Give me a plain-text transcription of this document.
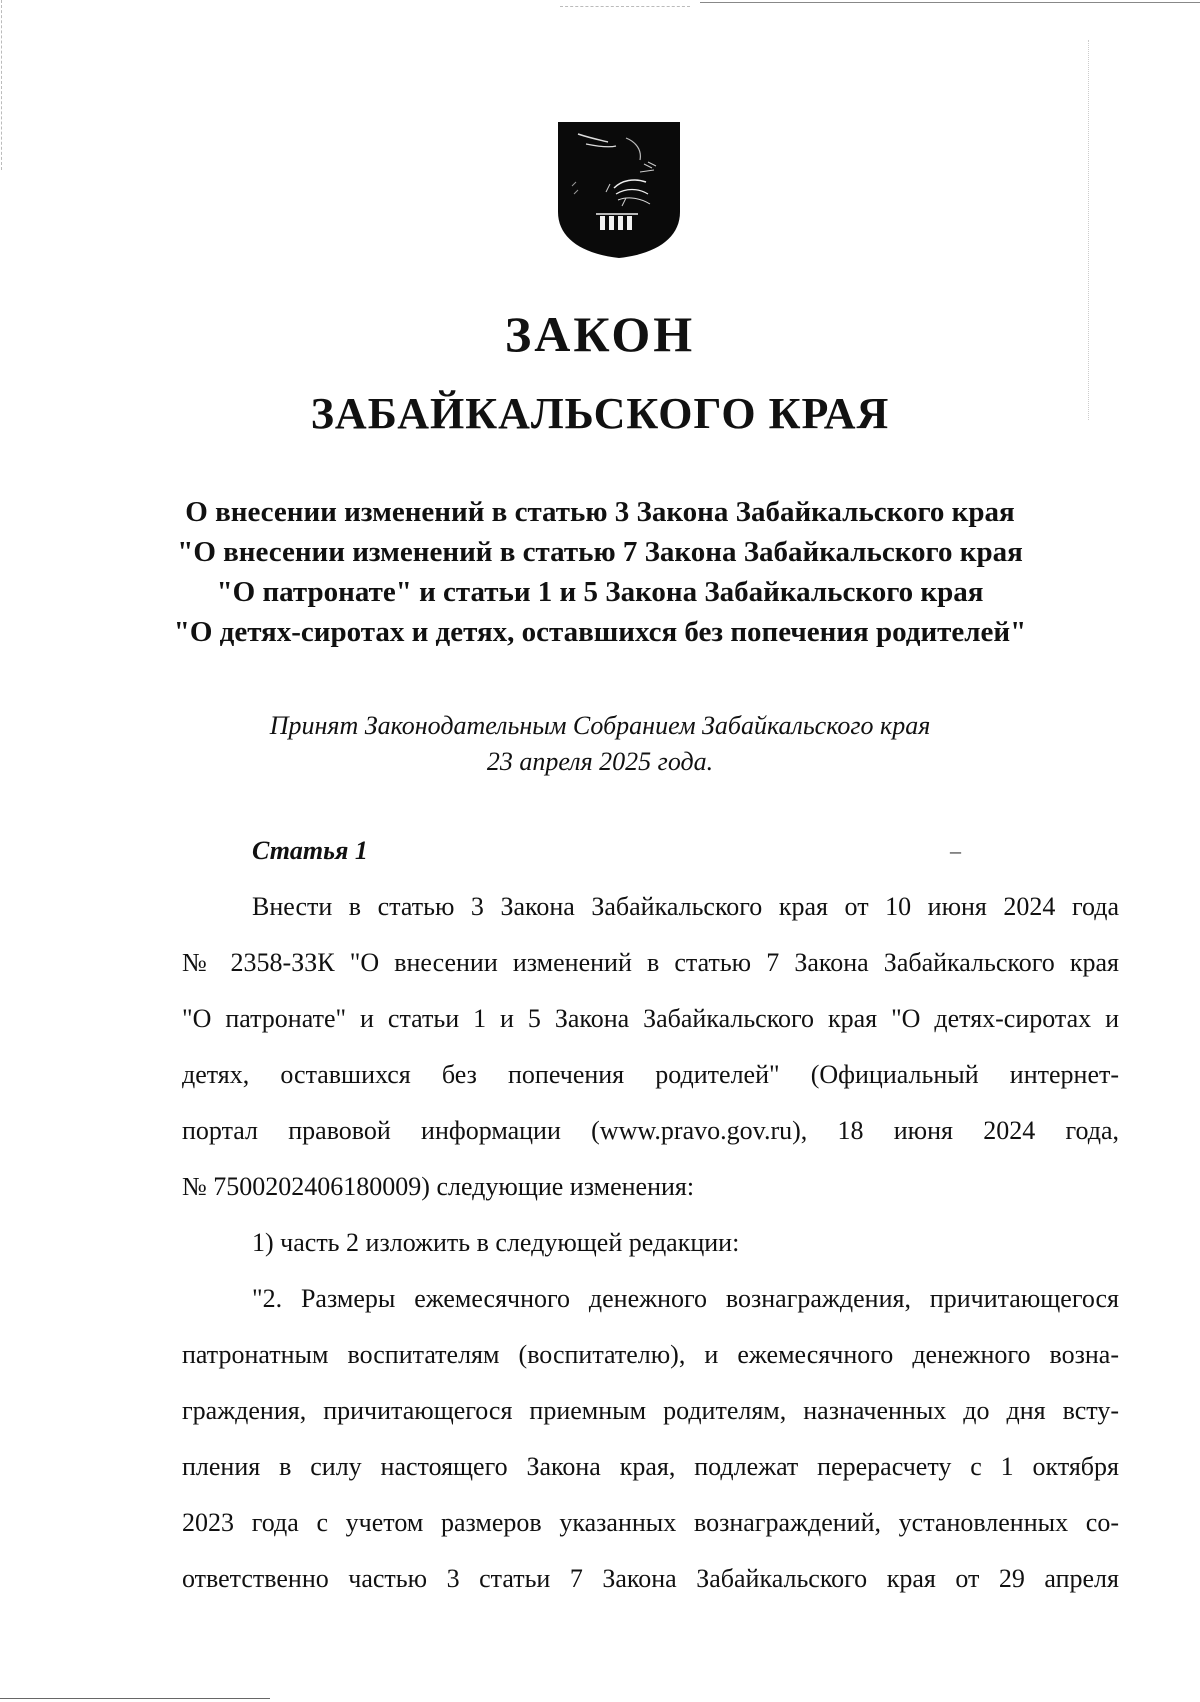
ЗАКОН
ЗАБАЙКАЛЬСКОГО КРАЯ
О внесении изменений в статью 3 Закона Забайкальского края
"О внесении изменений в статью 7 Закона Забайкальского края
"О патронате" и статьи 1 и 5 Закона Забайкальского края
"О детях-сиротах и детях, оставшихся без попечения родителей"
Принят Законодательным Собранием Забайкальского края
23 апреля 2025 года.
Статья 1	–
Внести в статью 3 Закона Забайкальского края от 10 июня 2024 года
№ 2358-ЗЗК "О внесении изменений в статью 7 Закона Забайкальского края
"О патронате" и статьи 1 и 5 Закона Забайкальского края "О детях-сиротах и
детях, оставшихся без попечения родителей" (Официальный интернет-
портал правовой информации (www.pravo.gov.ru), 18 июня 2024 года,
№ 7500202406180009) следующие изменения:
1) часть 2 изложить в следующей редакции:
"2. Размеры ежемесячного денежного вознаграждения, причитающегося
патронатным воспитателям (воспитателю), и ежемесячного денежного возна-
граждения, причитающегося приемным родителям, назначенных до дня всту-
пления в силу настоящего Закона края, подлежат перерасчету с 1 октября
2023 года с учетом размеров указанных вознаграждений, установленных со-
ответственно частью 3 статьи 7 Закона Забайкальского края от 29 апреля
